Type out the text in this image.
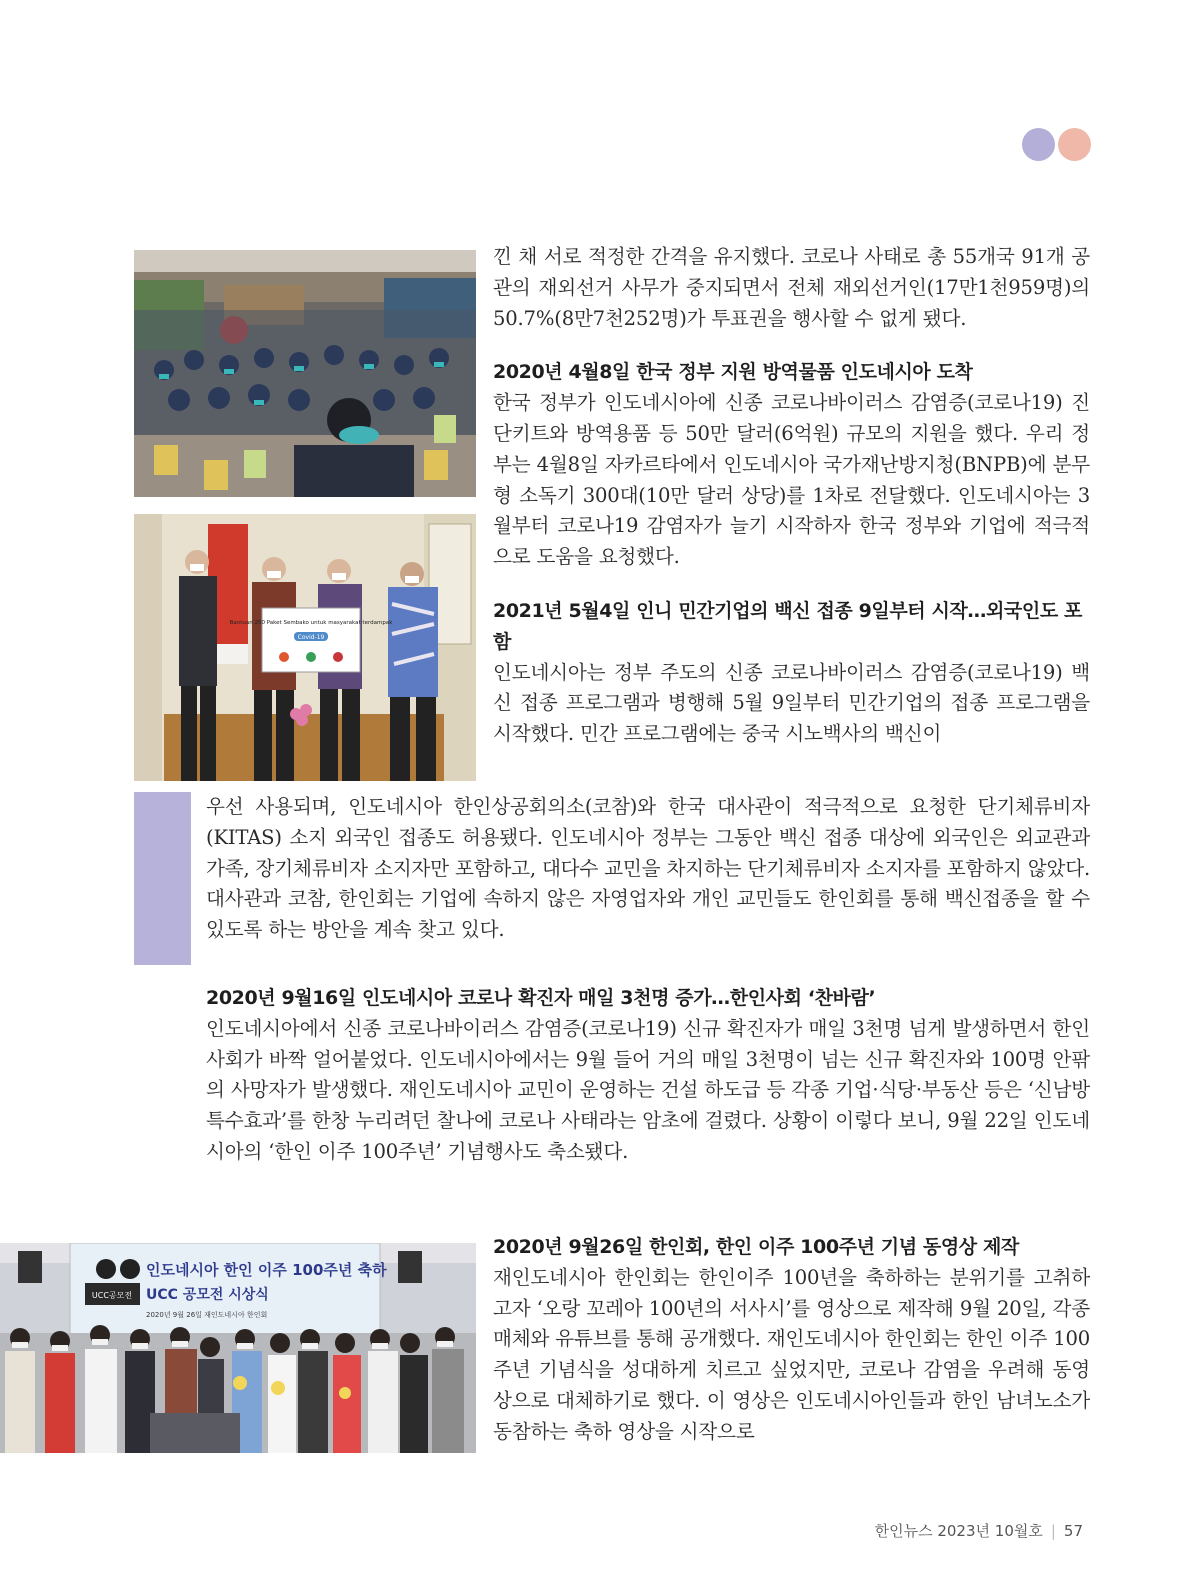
Bantuan 250 Paket Sembako untuk masyarakat terdampak
Covid-19
인도네시아 한인 이주 100주년 축하
UCC 공모전 시상식
2020년 9월 26일 재인도네시아 한인회
UCC공모전

낀 채 서로 적정한 간격을 유지했다. 코로나 사태로 총 55개국 91개 공관의 재외선거 사무가 중지되면서 전체 재외선거인(17만1천959명)의 50.7%(8만7천252명)가 투표권을 행사할 수 없게 됐다.

2020년 4월8일 한국 정부 지원 방역물품 인도네시아 도착

한국 정부가 인도네시아에 신종 코로나바이러스 감염증(코로나19) 진단키트와 방역용품 등 50만 달러(6억원) 규모의 지원을 했다. 우리 정부는 4월8일 자카르타에서 인도네시아 국가재난방지청(BNPB)에 분무형 소독기 300대(10만 달러 상당)를 1차로 전달했다. 인도네시아는 3월부터 코로나19 감염자가 늘기 시작하자 한국 정부와 기업에 적극적으로 도움을 요청했다.

2021년 5월4일 인니 민간기업의 백신 접종 9일부터 시작…외국인도 포함

인도네시아는 정부 주도의 신종 코로나바이러스 감염증(코로나19) 백신 접종 프로그램과 병행해 5월 9일부터 민간기업의 접종 프로그램을 시작했다. 민간 프로그램에는 중국 시노백사의 백신이

우선 사용되며, 인도네시아 한인상공회의소(코참)와 한국 대사관이 적극적으로 요청한 단기체류비자(KITAS) 소지 외국인 접종도 허용됐다. 인도네시아 정부는 그동안 백신 접종 대상에 외국인은 외교관과 가족, 장기체류비자 소지자만 포함하고, 대다수 교민을 차지하는 단기체류비자 소지자를 포함하지 않았다. 대사관과 코참, 한인회는 기업에 속하지 않은 자영업자와 개인 교민들도 한인회를 통해 백신접종을 할 수 있도록 하는 방안을 계속 찾고 있다.

2020년 9월16일 인도네시아 코로나 확진자 매일 3천명 증가…한인사회 ‘찬바람’

인도네시아에서 신종 코로나바이러스 감염증(코로나19) 신규 확진자가 매일 3천명 넘게 발생하면서 한인사회가 바짝 얼어붙었다. 인도네시아에서는 9월 들어 거의 매일 3천명이 넘는 신규 확진자와 100명 안팎의 사망자가 발생했다. 재인도네시아 교민이 운영하는 건설 하도급 등 각종 기업·식당·부동산 등은 ‘신남방 특수효과’를 한창 누리려던 찰나에 코로나 사태라는 암초에 걸렸다. 상황이 이렇다 보니, 9월 22일 인도네시아의 ‘한인 이주 100주년’ 기념행사도 축소됐다.

2020년 9월26일 한인회, 한인 이주 100주년 기념 동영상 제작

재인도네시아 한인회는 한인이주 100년을 축하하는 분위기를 고취하고자 ‘오랑 꼬레아 100년의 서사시’를 영상으로 제작해 9월 20일, 각종 매체와 유튜브를 통해 공개했다. 재인도네시아 한인회는 한인 이주 100주년 기념식을 성대하게 치르고 싶었지만, 코로나 감염을 우려해 동영상으로 대체하기로 했다. 이 영상은 인도네시아인들과 한인 남녀노소가 동참하는 축하 영상을 시작으로

한인뉴스 2023년 10월호 | 57
